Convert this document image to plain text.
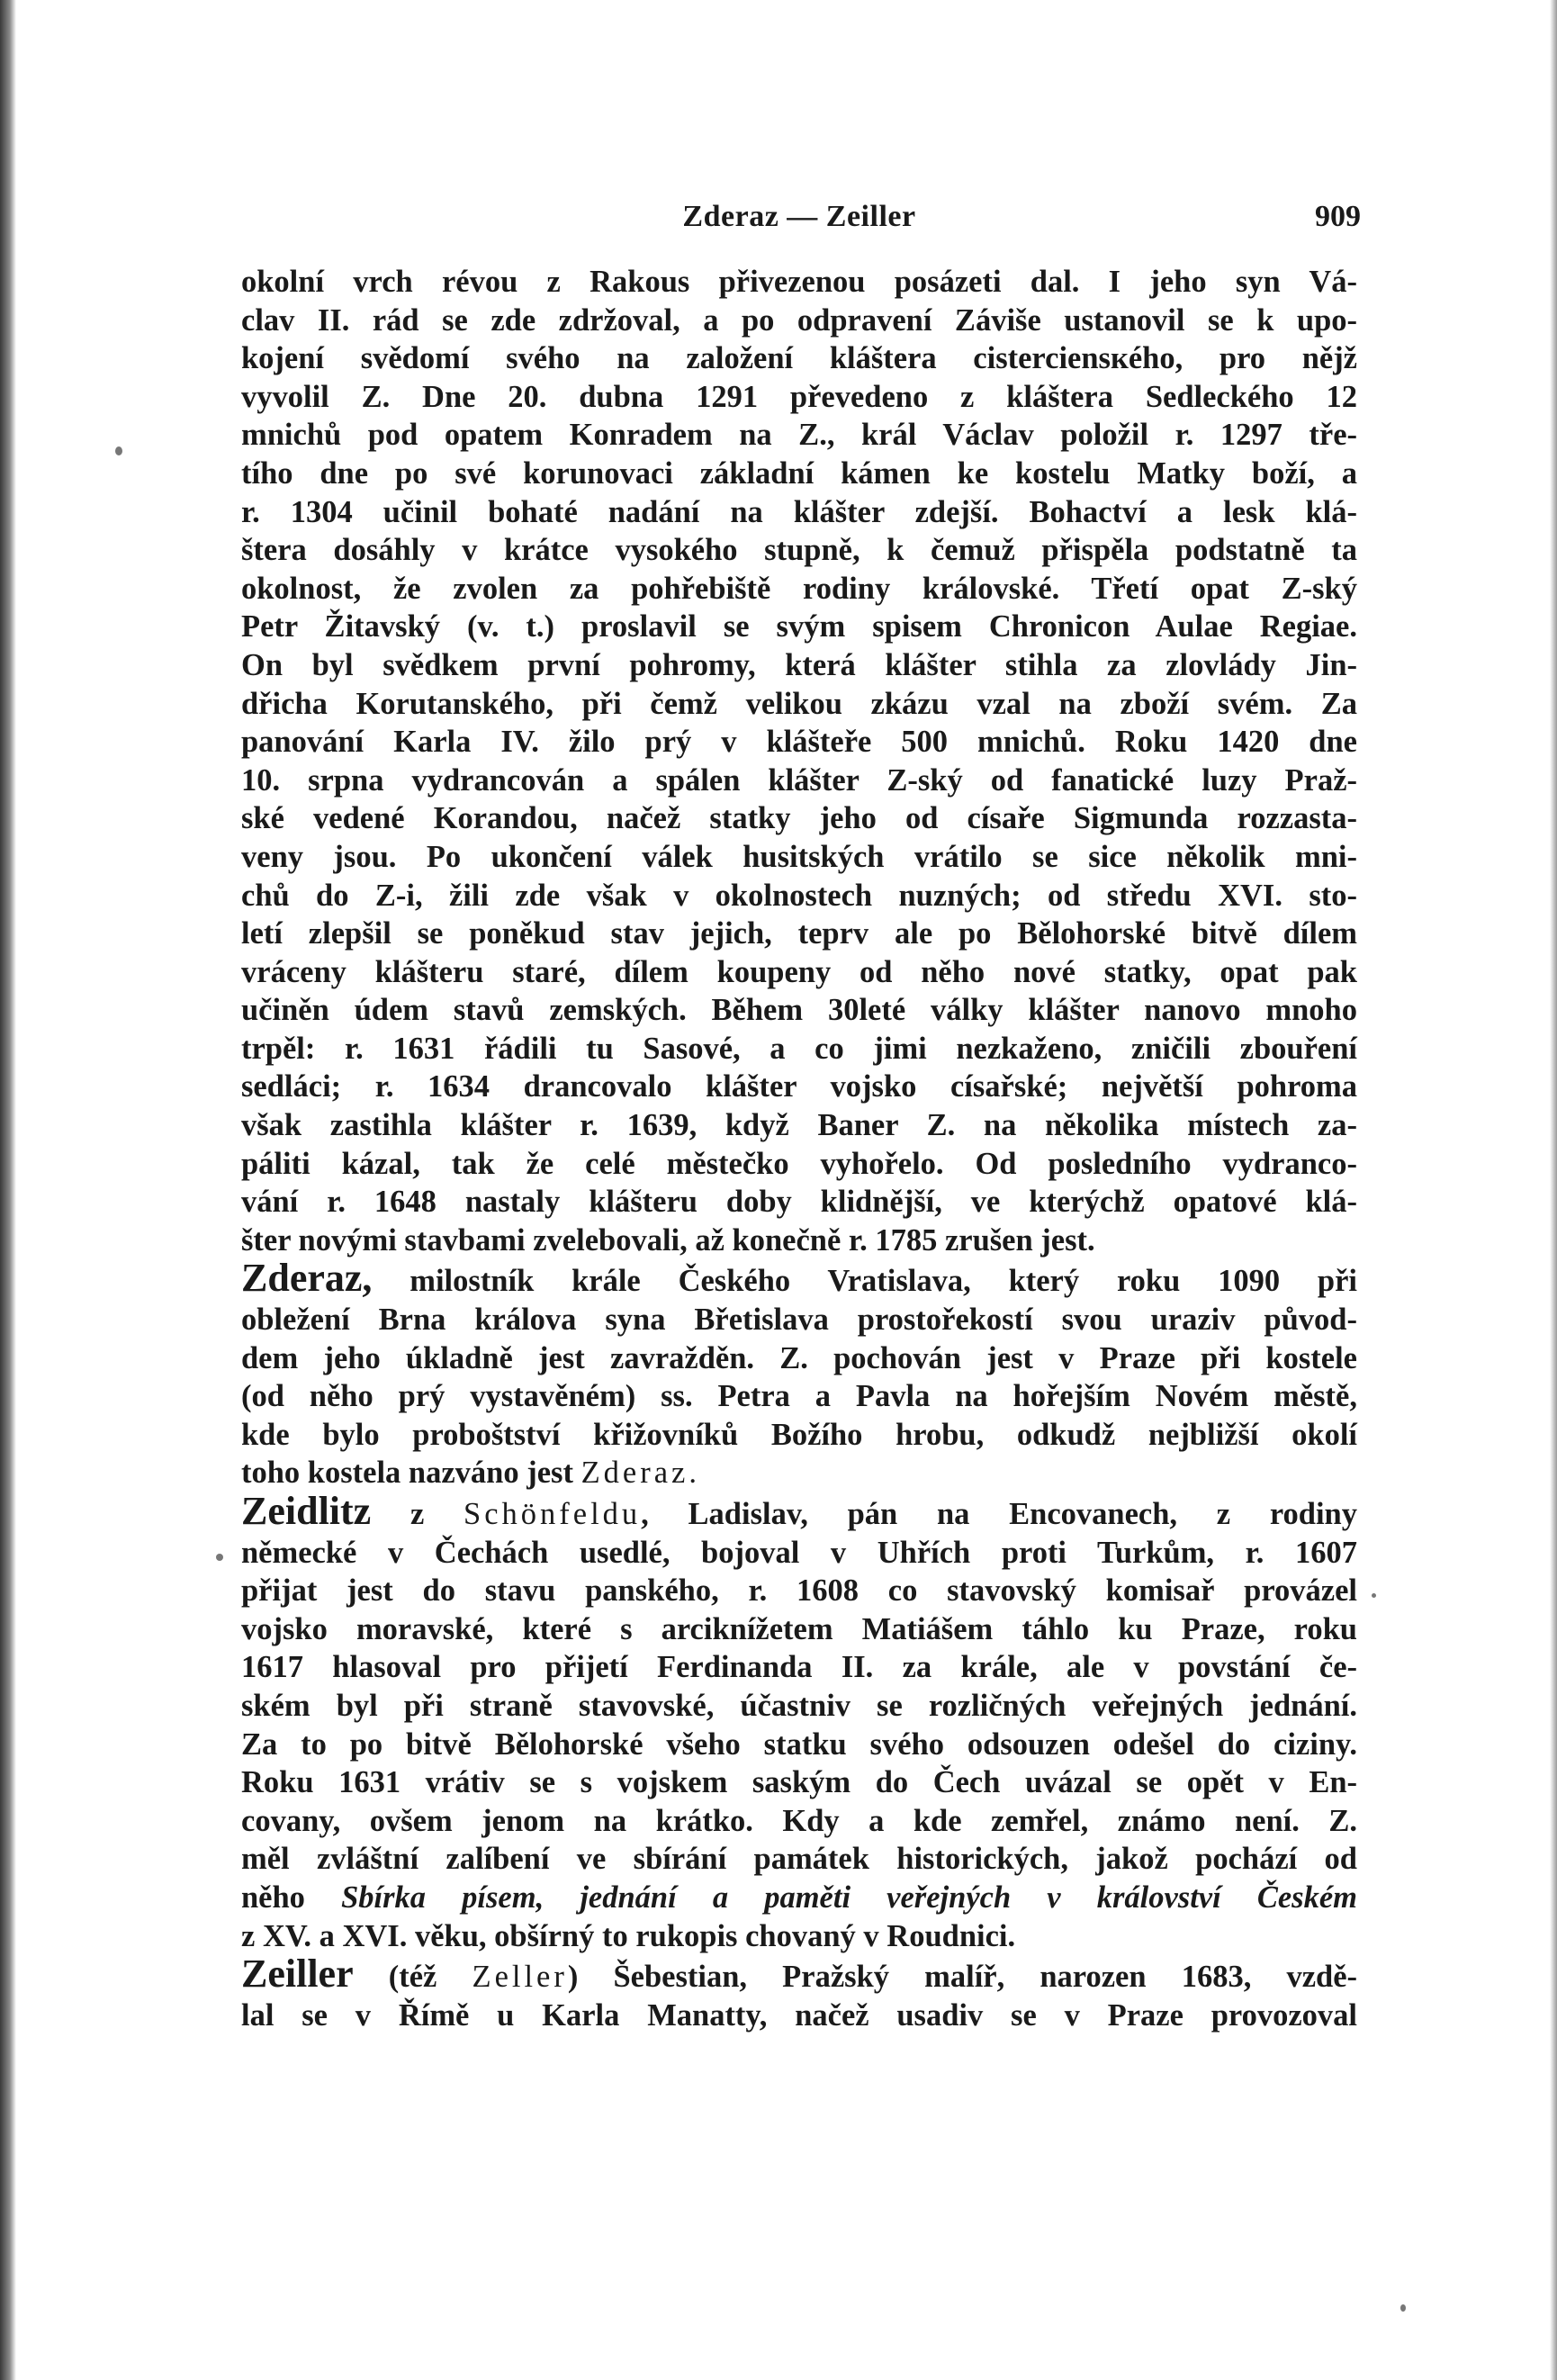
Zderaz — Zeiller	909

okolní vrch révou z Rakous přivezenou posázeti dal. I jeho syn Vá-
clav II. rád se zde zdržoval, a po odpravení Záviše ustanovil se k upo-
kojení svědomí svého na založení kláštera cisterciensкého, pro nějž
vyvolil Z. Dne 20. dubna 1291 převedeno z kláštera Sedleckého 12
mnichů pod opatem Konradem na Z., král Václav položil r. 1297 tře-
tího dne po své korunovaci základní kámen ke kostelu Matky boží, a
r. 1304 učinil bohaté nadání na klášter zdejší. Bohactví a lesk klá-
štera dosáhly v krátce vysokého stupně, k čemuž přispěla podstatně ta
okolnost, že zvolen za pohřebiště rodiny královské. Třetí opat Z-ský
Petr Žitavský (v. t.) proslavil se svým spisem Chronicon Aulae Regiae.
On byl svědkem první pohromy, která klášter stihla za zlovlády Jin-
dřicha Korutanského, při čemž velikou zkázu vzal na zboží svém. Za
panování Karla IV. žilo prý v klášteře 500 mnichů. Roku 1420 dne
10. srpna vydrancován a spálen klášter Z-ský od fanatické luzy Praž-
ské vedené Korandou, načež statky jeho od císaře Sigmunda rozzasta-
veny jsou. Po ukončení válek husitských vrátilo se sice několik mni-
chů do Z-i, žili zde však v okolnostech nuzných; od středu XVI. sto-
letí zlepšil se poněkud stav jejich, teprv ale po Bělohorské bitvě dílem
vráceny klášteru staré, dílem koupeny od něho nové statky, opat pak
učiněn údem stavů zemských. Během 30leté války klášter nanovo mnoho
trpěl: r. 1631 řádili tu Sasové, a co jimi nezkaženo, zničili zbouření
sedláci; r. 1634 drancovalo klášter vojsko císařské; největší pohroma
však zastihla klášter r. 1639, když Baner Z. na několika místech za-
páliti kázal, tak že celé městečko vyhořelo. Od posledního vydrancο-
vání r. 1648 nastaly klášteru doby klidnější, ve kterýchž opatové klá-
šter novými stavbami zvelebovali, až konečně r. 1785 zrušen jest.

Zderaz, milostník krále Českého Vratislava, který roku 1090 při
obležení Brna králova syna Břetislava prostořekostí svou uraziv původ-
dem jeho úkladně jest zavražděn. Z. pochován jest v Praze při kostele
(od něho prý vystavěném) ss. Petra a Pavla na hořejším Novém městě,
kde bylo proboštství křižovníků Božího hrobu, odkudž nejbližší okolí
toho kostela nazváno jest Zderaz.

Zeidlitz z Schönfeldu, Ladislav, pán na Encovanech, z rodiny
německé v Čechách usedlé, bojoval v Uhřích proti Turkům, r. 1607
přijat jest do stavu panského, r. 1608 co stavovský komisař provázel
vojsko moravské, které s arciknížetem Matiášem táhlo ku Praze, roku
1617 hlasoval pro přijetí Ferdinanda II. za krále, ale v povstání če-
ském byl při straně stavovské, účastniv se rozličných veřejných jednání.
Za to po bitvě Bělohorské všeho statku svého odsouzen odešel do ciziny.
Roku 1631 vrátiv se s vojskem saským do Čech uvázal se opět v En-
covany, ovšem jenom na krátko. Kdy a kde zemřel, známo není. Z.
měl zvláštní zalíbení ve sbírání památek historických, jakož pochází od
něho Sbírka písem, jednání a paměti veřejných v království Českém
z XV. a XVI. věku, obšírný to rukopis chovaný v Roudnici.

Zeiller (též Zeller) Šebestian, Pražský malíř, narozen 1683, vzdě-
lal se v Římě u Karla Manatty, načež usadiv se v Praze provozoval
